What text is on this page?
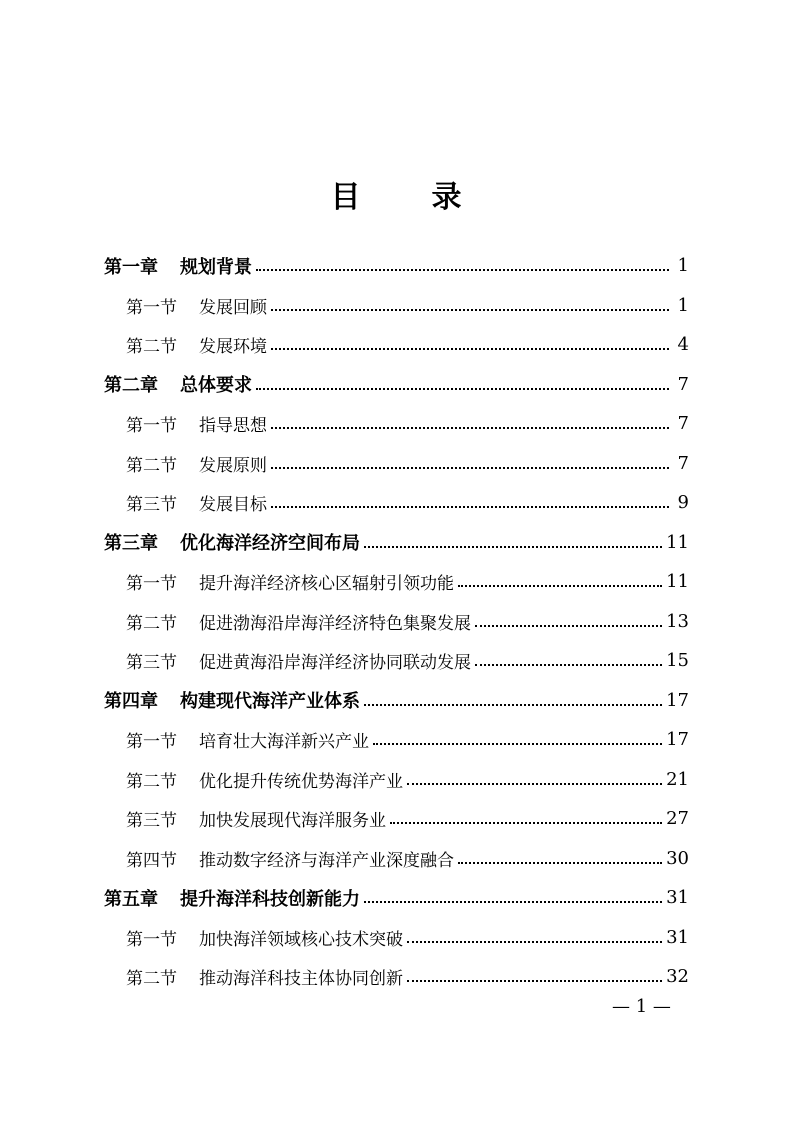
目 录
第一章 规划背景	1
第一节 发展回顾	1
第二节 发展环境	4
第二章 总体要求	7
第一节 指导思想	7
第二节 发展原则	7
第三节 发展目标	9
第三章 优化海洋经济空间布局	11
第一节 提升海洋经济核心区辐射引领功能	11
第二节 促进渤海沿岸海洋经济特色集聚发展	13
第三节 促进黄海沿岸海洋经济协同联动发展	15
第四章 构建现代海洋产业体系	17
第一节 培育壮大海洋新兴产业	17
第二节 优化提升传统优势海洋产业	21
第三节 加快发展现代海洋服务业	27
第四节 推动数字经济与海洋产业深度融合	30
第五章 提升海洋科技创新能力	31
第一节 加快海洋领域核心技术突破	31
第二节 推动海洋科技主体协同创新	32
— 1 —
